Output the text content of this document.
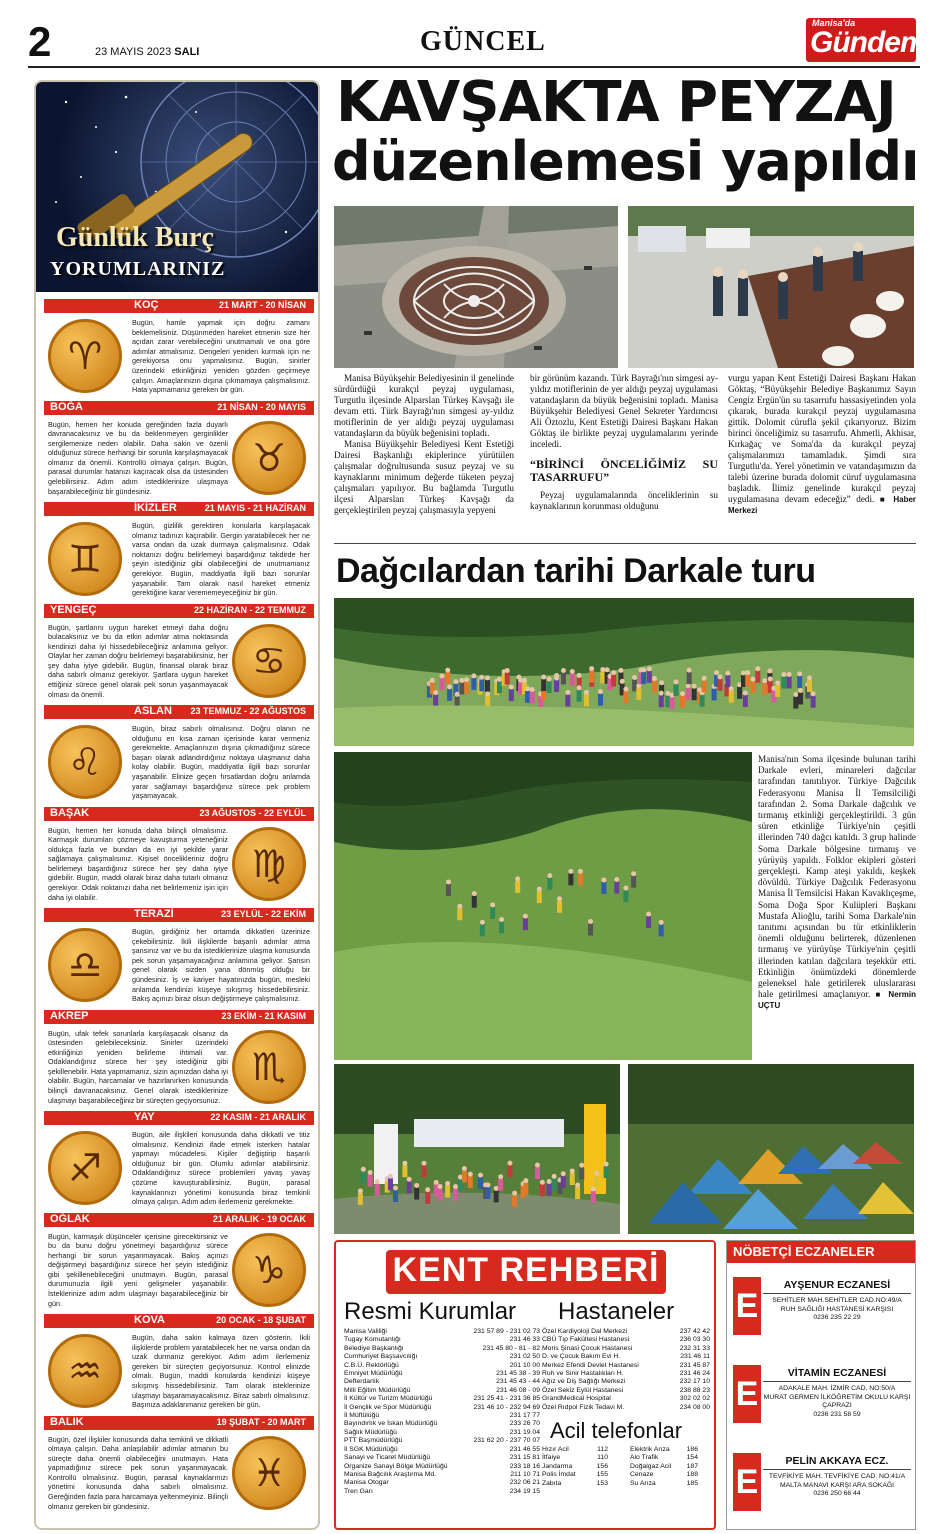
2	23 MAYIS 2023 SALI	GÜNCEL
Manisa'da
Gündem
Günlük Burç
YORUMLARINIZ
KOÇ	21 MART - 20 NİSAN
♈
Bugün, hamle yapmak için doğru zamanı beklemelisiniz. Düşünmeden hareket etmenin size her açıdan zarar verebileceğini unutmamalı ve ona göre adımlar atmalısınız. Dengeleri yeniden kurmak için ne gerekiyorsa onu yapmalısınız. Bugün, sinirler üzerindeki etkinliğinizi yeniden gözden geçirmeye çalışın. Amaçlarınızın dışına çıkmamaya çalışmalısınız. Hata yapmamanız gereken bir gün.
BOĞA	21 NİSAN - 20 MAYIS
♉
Bugün, hemen her konuda gereğinden fazla duyarlı davranacaksınız ve bu da beklenmeyen gerginlikler sergilemenize neden olabilir. Daha sakin ve özenli olduğunuz sürece herhangi bir sorunla karşılaşmayacak olmanız da önemli. Kontrollü olmaya çalışın. Bugün, parasal durumlar hatanızı kaçıracak olsa da üstesinden gelebilirsiniz. Adım adım istediklerinize ulaşmaya başarabileceğiniz bir gündesiniz.
İKİZLER	21 MAYIS - 21 HAZİRAN
♊
Bugün, gizlilik gerektiren konularla karşılaşacak olmanız tadınızı kaçırabilir. Gergin yaratabilecek her ne varsa ondan da uzak durmaya çalışmalısınız. Odak noktanızı doğru belirlemeyi başardığınız takdirde her şeyin istediğiniz gibi olabileceğini de unutmamanız gerekiyor. Bugün, maddiyatla ilgili bazı sorunlar yaşanabilir. Tam olarak nasıl hareket etmeniz gerektiğine karar verememeyeceğiniz bir gün.
YENGEÇ	22 HAZİRAN - 22 TEMMUZ
♋
Bugün, şartlarını uygun hareket etmeyi daha doğru bulacaksınız ve bu da etkin adımlar atma noktasında kendinizi daha iyi hissedebileceğiniz anlamına geliyor. Olaylar her zaman doğru belirlemeyi başarabilirsiniz, her şey daha iyiye gidebilir. Bugün, finansal olarak biraz daha sabırlı olmanız gerekiyor. Şartlara uygun hareket ettiğiniz sürece genel olarak pek sorun yaşanmayacak olması da önemli.
ASLAN 23 TEMMUZ - 22 AĞUSTOS
♌
Bugün, biraz sabırlı olmalısınız. Doğru olanın ne olduğunu en kısa zaman içerisinde karar vermeniz gerekmekte. Amaçlarınızın dışına çıkmadığınız sürece başarı olarak adlandırdığınız noktaya ulaşmanız daha kolay olabilir. Bugün, maddiyatla ilgili bazı sorunlar yaşanabilir. Elinize geçen fırsatlardan doğru anlamda yarar sağlamayı başardığınız sürece pek problem yaşamayacak.
BAŞAK	23 AĞUSTOS - 22 EYLÜL
♍
Bugün, hemen her konuda daha bilinçli olmalısınız. Karmaşık durumları çözmeye kavuşturma yeteneğiniz oldukça fazla ve bundan da en iyi şekilde yarar sağlamaya çalışmalısınız. Kişisel öncelikleriniz doğru belirlemeyi başardığınız sürece her şey daha iyiye gidebilir. Bugün, maddi olarak biraz daha tutarlı olmanız gerekiyor. Odak noktanızı daha net belirlemeniz işin için daha iyi olabilir.
TERAZİ	23 EYLÜL - 22 EKİM
♎
Bugün, girdiğiniz her ortamda dikkatleri üzerinize çekebilirsiniz. İkili ilişkilerde başarılı adımlar atma şansınız var ve bu da istediklerinize ulaşma konusunda pek sorun yaşamayacağınız anlamına geliyor. Şansın genel olarak sizden yana dönmüş olduğu bir gündesiniz. İş ve kariyer hayatınızda bugün, mesleki anlamda kendinizi küşeye sıkışmış hissedebilirsiniz. Bakış açınızı biraz olsun değiştirmeye çalışmalısınız.
AKREP	23 EKİM - 21 KASIM
♏
Bugün, ufak tefek sorunlarla karşılaşacak olsanız da üstesinden gelebileceksiniz. Sinirler üzerindeki etkinliğinizi yeniden belirleme ihtimali var. Odaklandığınız sürece her şey istediğiniz gibi şekillenebilir. Hata yapmamanız, sizin açınızdan daha iyi olabilir. Bugün, harcamalar ve hazırlanırken konusunda bilinçli davranacaksınız. Genel olarak istediklerinize ulaşmayı başarabileceğiniz bir süreçten geçiyorsunuz.
YAY	22 KASIM - 21 ARALIK
♐
Bugün, aile ilişkileri konusunda daha dikkatli ve titiz olmalısınız. Kendinizi ifade etmek isterken hatalar yapmayı mücadelesi. Kişiler değiştirip başarılı olduğunuz bir gün. Olumlu adımlar atabilirsiniz. Odaklandığınız sürece problemleri yavaş yavaş çözüme kavuşturabilirsiniz. Bugün, parasal kaynaklarınızı yönetimi konusunda biraz temkinli olmaya çalışın. Adım adım ilerlemeniz gerekmekte.
OĞLAK	21 ARALIK - 19 OCAK
♑
Bugün, karmaşık düşünceler içerisine girecektirsiniz ve bu da bunu doğru yönetmeyi başardığınız sürece herhangi bir sorun yaşanmayacak. Bakış açınızı değiştirmeyi başardığınız sürece her şeyin istediğiniz gibi şekillenebileceğini unutmayın. Bugün, parasal durumunuzla ilgili yeni gelişmeler yaşanabilir. İsteklerinize adım adım ulaşmayı başarabileceğiniz bir gün.
KOVA	20 OCAK - 18 ŞUBAT
♒
Bugün, daha sakin kalmaya özen gösterin. İkili ilişkilerde problem yaratabilecek her ne varsa ondan da uzak durmanız gerekiyor. Adım adım ilerlemeniz gereken bir süreçten geçiyorsunuz. Kontrol elinizde olmalı. Bugün, maddi konularda kendinizi küşeye sıkışmış hissedebilirsiniz. Tam olarak isteklerinize ulaşmayı başaramayacaksınız. Biraz sabırlı olmalısınız. Başınıza adaklanmanız gereken bir gün.
BALIK	19 ŞUBAT - 20 MART
♓
Bugün, özel ilişkiler konusunda daha temkinli ve dikkatli olmaya çalışın. Daha anlaşılabilir adımlar atmanın bu süreçte daha önemli olabileceğini unutmayın. Hata yapmadığınız sürece pek sorun yaşanmayacak. Kontrollü olmalısınız. Bugün, parasal kaynaklarınızı yönetimi konusunda daha sabırlı olmalısınız. Gereğinden fazla para harcamaya yeltenmeyiniz. Bilinçli olmanız gereken bir gündesiniz.
KAVŞAKTA PEYZAJ
düzenlemesi yapıldı

Manisa Büyükşehir Belediyesinin il genelinde sürdürdüğü kurakçıl peyzaj uygulaması, Turgutlu ilçesinde Alparslan Türkeş Kavşağı ile devam etti. Türk Bayrağı'nın simgesi ay-yıldız motiflerinin de yer aldığı peyzaj uygulaması vatandaşların da büyük beğenisini topladı.

Manisa Büyükşehir Belediyesi Kent Estetiği Dairesi Başkanlığı ekiplerince yürütülen çalışmalar doğrultusunda susuz peyzaj ve su kaynaklarını minimum değerde tüketen peyzaj çalışmaları yapılıyor. Bu bağlamda Turgutlu ilçesi Alparslan Türkeş Kavşağı da gerçekleştirilen peyzaj çalışmasıyla yepyeni

bir görünüm kazandı. Türk Bayrağı'nın simgesi ay-yıldız motiflerinin de yer aldığı peyzaj uygulaması vatandaşların da büyük beğenisini topladı. Manisa Büyükşehir Belediyesi Genel Sekreter Yardımcısı Ali Öztozlu, Kent Estetiği Dairesi Başkanı Hakan Göktaş ile birlikte peyzaj uygulamalarını yerinde inceledi.

“BİRİNCİ ÖNCELİĞİMİZ SU TASARRUFU”

Peyzaj uygulamalarında önceliklerinin su kaynaklarının korunması olduğunu

vurgu yapan Kent Estetiği Dairesi Başkanı Hakan Göktaş, “Büyükşehir Belediye Başkanımız Sayın Cengiz Ergün'ün su tasarrufu hassasiyetinden yola çıkarak, burada kurakçıl peyzaj uygulamasına gittik. Dolomit cürufla şekil çıkarıyoruz. Bizim birinci önceliğimiz su tasarrufu. Ahmetli, Akhisar, Kırkağaç ve Soma'da da kurakçıl peyzaj çalışmalarımızı tamamladık. Şimdi sıra Turgutlu'da. Yerel yönetimin ve vatandaşımızın da talebi üzerine burada dolomit cüruf uygulamasına başladık. İlimiz genelinde kurakçıl peyzaj uygulamasına devam edeceğiz” dedi. ■ Haber Merkezi

Dağcılardan tarihi Darkale turu

Manisa'nın Soma ilçesinde bulunan tarihi Darkale evleri, minareleri dağcılar tarafından tanıtılıyor. Türkiye Dağcılık Federasyonu Manisa İl Temsilciliği tarafından 2. Soma Darkale dağcılık ve tırmanış etkinliği gerçekleştirildi. 3 gün süren etkinliğe Türkiye'nin çeşitli illerinden 740 dağcı katıldı. 3 grup halinde Soma Darkale bölgesine tırmanış ve yürüyüş yapıldı. Folklor ekipleri gösteri gerçekleşti. Kamp ateşi yakıldı, keşkek dövüldü. Türkiye Dağcılık Federasyonu Manisa İl Temsilcisi Hakan Kavaklıçeşme, Soma Doğa Spor Kulüpleri Başkanı Mustafa Alioğlu, tarihi Soma Darkale'nin tanıtımı açısından bu tür etkinliklerin önemli olduğunu belirterek, düzenlenen tırmanış ve yürüyüşe Türkiye'nin çeşitli illerinden katılan dağcılara teşekkür etti. Etkinliğin önümüzdeki dönemlerde geleneksel hale getirilerek uluslararası hale getirilmesi amaçlanıyor. ■ Nermin UÇTU

KENT REHBERİ
Resmi Kurumlar Hastaneler
Manisa Valiliği	231 57 89 - 231 02 73
Tugay Komutanlığı	231 46 33
Belediye Başkanlığı	231 45 80 - 81 - 82
Cumhuriyet Başsavcılığı	231 02 50
C.B.Ü. Rektörlüğü	201 10 00
Emniyet Müdürlüğü	231 45 38 - 39
Defterdarlık	231 45 43 - 44
Milli Eğitim Müdürlüğü	231 46 08 - 09
İl Kültür ve Turizm Müdürlüğü	231 25 41 - 231 36 85
İl Gençlik ve Spor Müdürlüğü	231 46 10 - 232 94 69
İl Müftülüğü	231 17 77
Bayındırlık ve İskan Müdürlüğü	233 26 70
Sağlık Müdürlüğü	231 19 04
PTT Başmüdürlüğü	231 62 20 - 237 70 07
İl SGK Müdürlüğü	231 46 55
Sanayi ve Ticaret Müdürlüğü	231 15 81
Organize Sanayi Bölge Müdürlüğü	233 18 16
Manisa Bağcılık Araştırma Md.	211 10 71
Manisa Otogar	232 06 21
Tren Garı	234 19 15
Özel Kardiyoloji Dal Merkezi	237 42 42
CBÜ Tıp Fakültesi Hastanesi	236 03 30
Moris Şinasi Çocuk Hastanesi	232 31 33
D. ve Çocuk Bakım Evi H.	231 46 11
Merkez Efendi Devlet Hastanesi	231 45 87
Ruh ve Sinir Hastalıkları H.	231 46 24
Ağız ve Diş Sağlığı Merkezi	232 17 10
Özel Sekiz Eylül Hastanesi	238 88 23
GrandMedical Hospital	302 02 02
Özel Rıdpol Fizik Tedavi M.	234 08 00
Acil telefonlar
Hızır Acil	112
İtfaiye	110
Jandarma	156
Polis İmdat	155
Zabıta	153
Elektrik Arıza 186
Alo Trafik	154
Doğalgaz Acil 187
Cenaze	188
Su Arıza	185
NÖBETÇİ ECZANELER
E
AYŞENUR ECZANESİ
SEHİTLER MAH.SEHİTLER CAD.NO:49/A
RUH SAĞLIĞI HASTANESİ KARŞISI
0236 235 22 29
E
VİTAMİN ECZANESİ
ADAKALE MAH. İZMİR CAD. NO:50/A
MURAT GERMEN İLKÖĞRETİM OKULU KARŞI ÇAPRAZI
0236 231 58 59
E
PELİN AKKAYA ECZ.
TEVFİKİYE MAH. TEVFİKİYE CAD. NO:41/A
MALTA MANAVI KARŞI ARA SOKAĞI
0236 250 66 44
